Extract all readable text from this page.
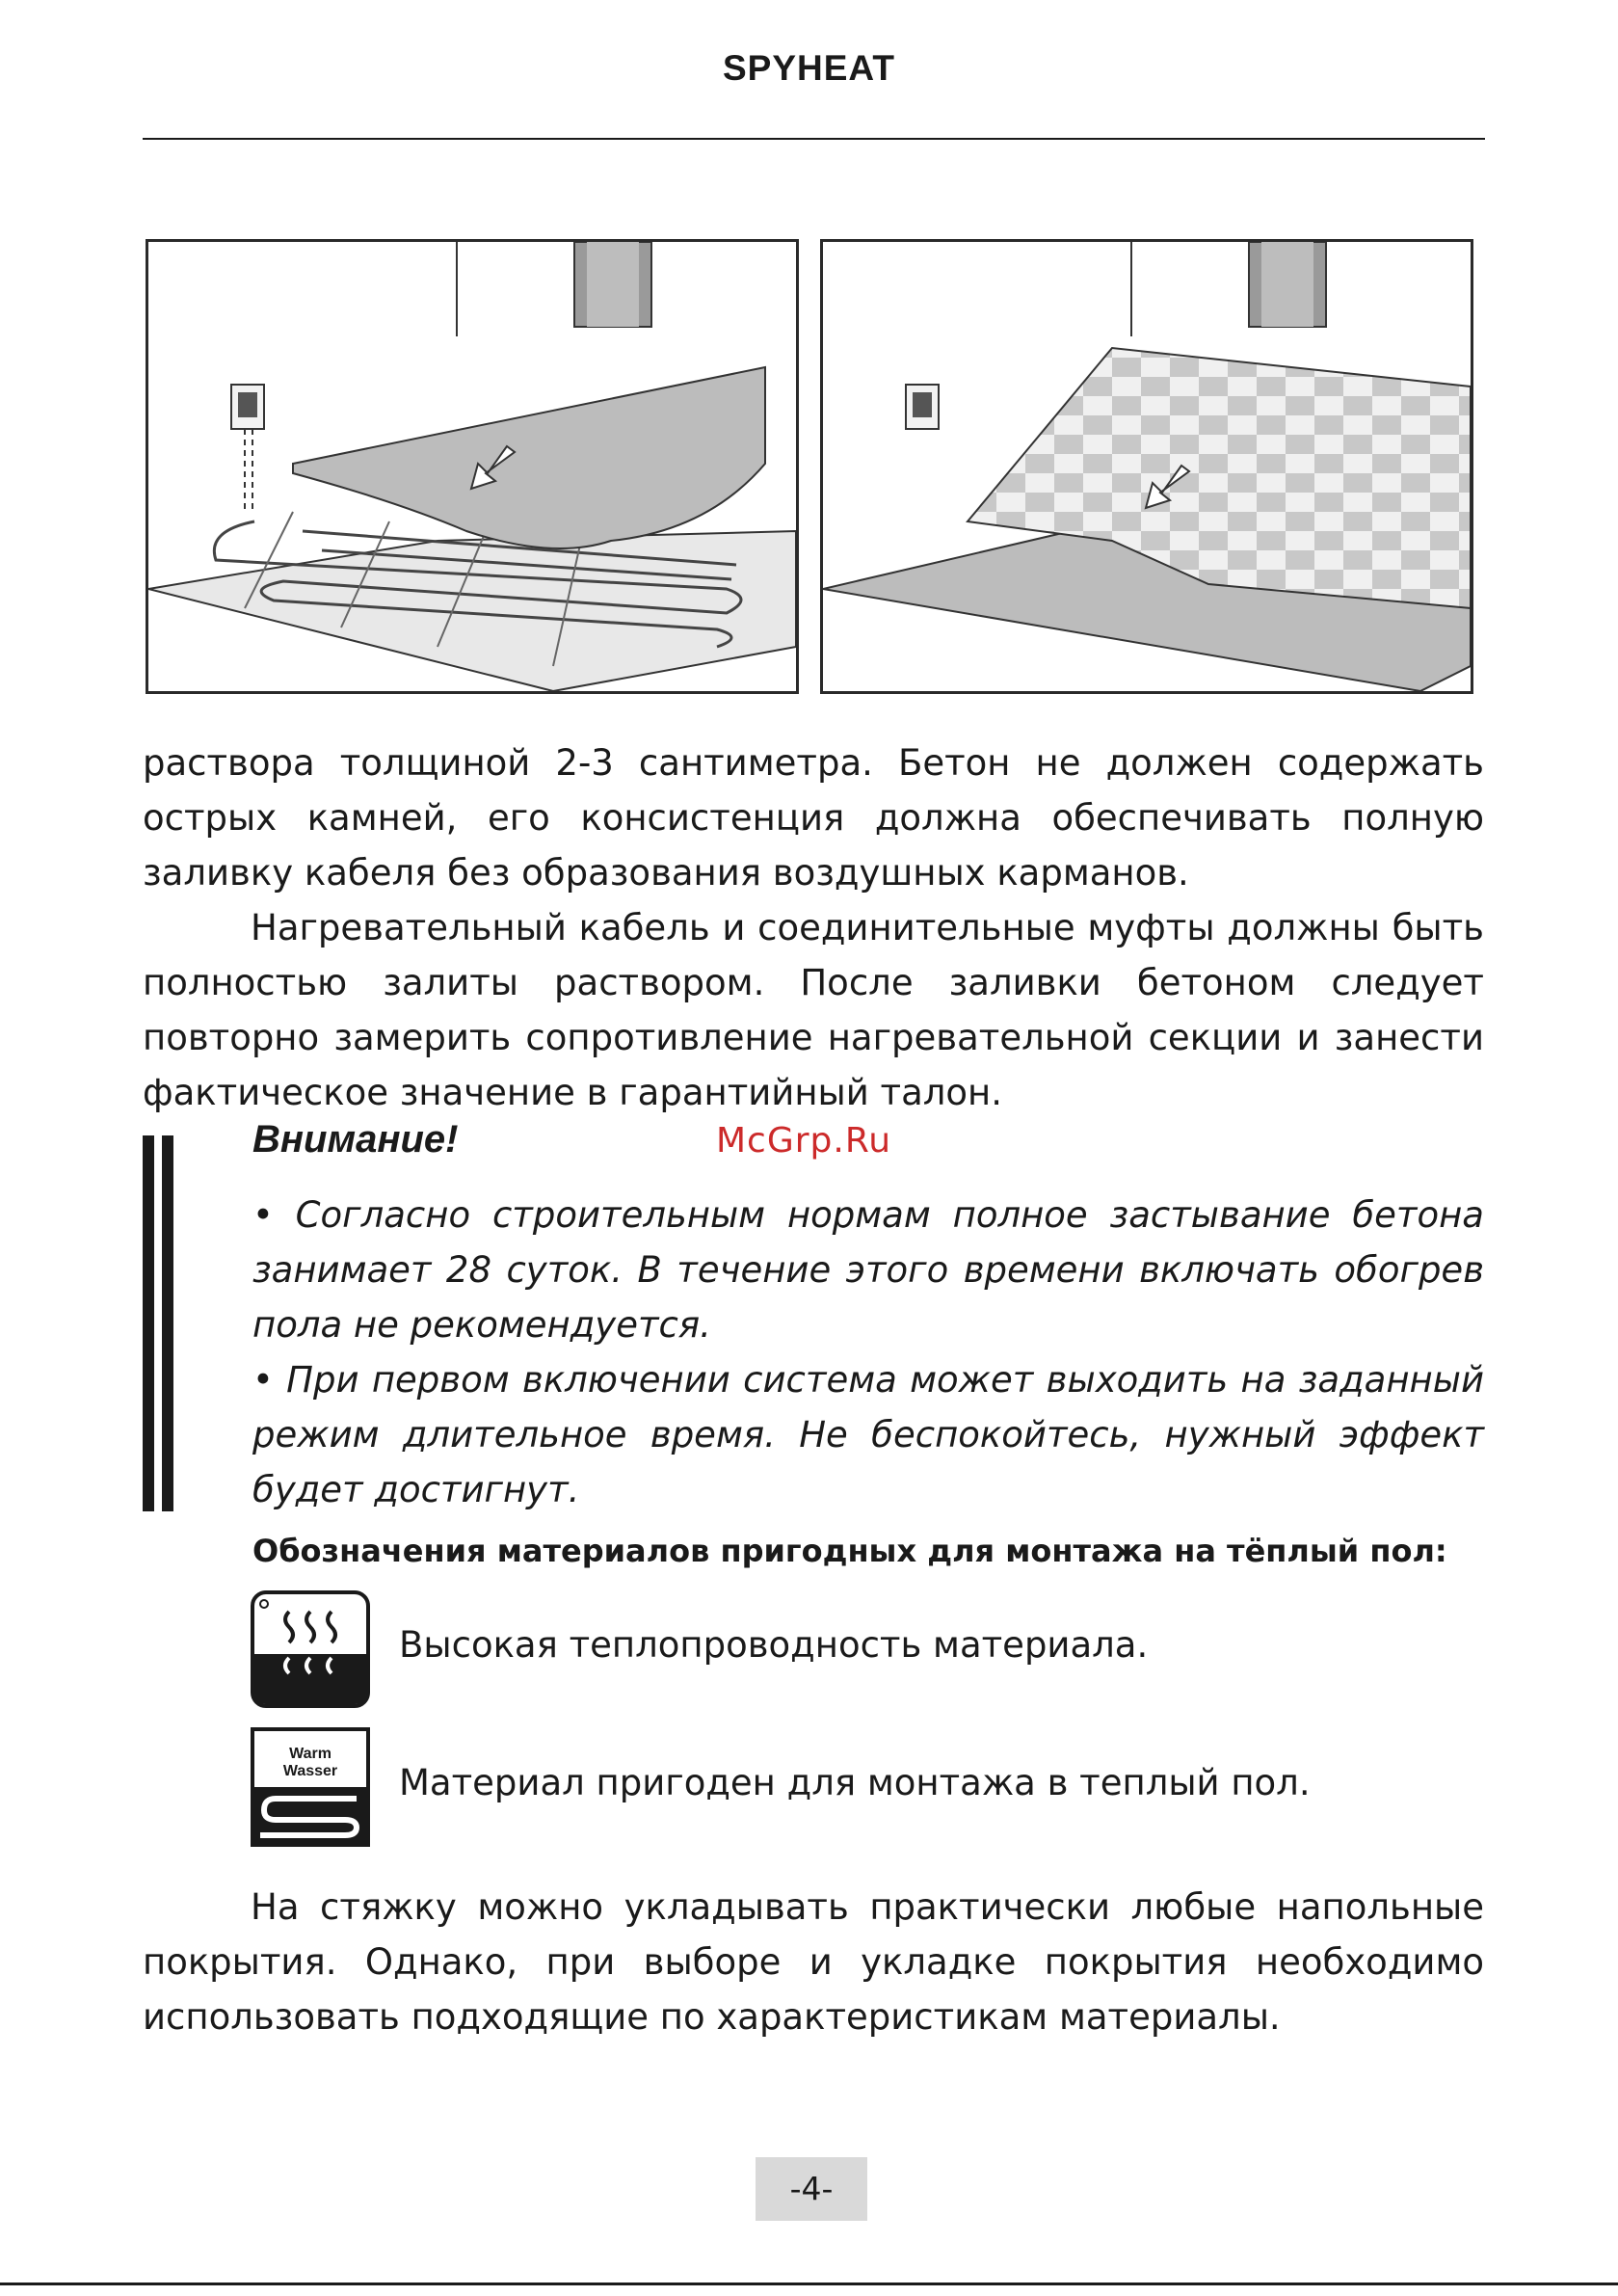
SPYHEAT

раствора толщиной 2-3 сантиметра. Бетон не должен содержать острых камней, его консистенция должна обеспечивать полную заливку кабеля без образования воздушных карманов.

Нагревательный кабель и соединительные муфты должны быть полностью залиты раствором. После заливки бетоном следует повторно замерить сопротивление нагревательной секции и занести фактическое значение в гарантийный талон.

Внимание!	McGrp.Ru

• Согласно строительным нормам полное застывание бетона занимает 28 суток. В течение этого времени включать обогрев пола не рекомендуется.

• При первом включении система может выходить на заданный режим длительное время. Не беспокойтесь, нужный эффект будет достигнут.

Обозначения материалов пригодных для монтажа на тёплый пол:
Высокая теплопроводность материала.
Warm
Wasser Материал пригоден для монтажа в теплый пол.

На стяжку можно укладывать практически любые напольные покрытия. Однако, при выборе и укладке покрытия необходимо использовать подходящие по характеристикам материалы.

-4-
